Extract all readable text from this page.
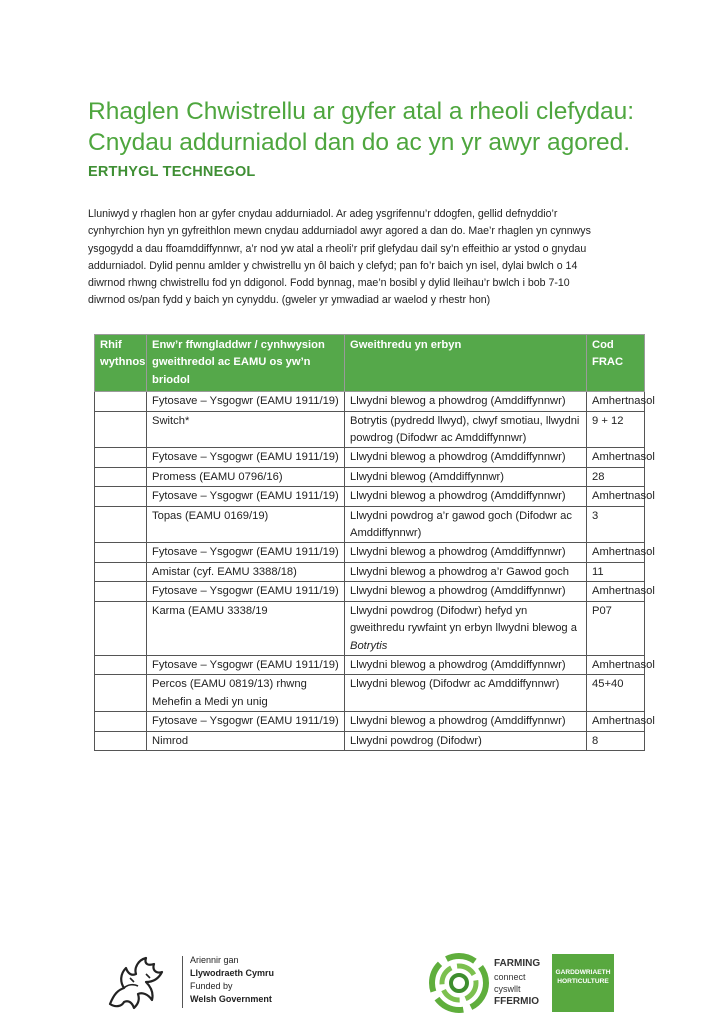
Rhaglen Chwistrellu ar gyfer atal a rheoli clefydau: Cnydau addurniadol dan do ac yn yr awyr agored.
ERTHYGL TECHNEGOL

Lluniwyd y rhaglen hon ar gyfer cnydau addurniadol. Ar adeg ysgrifennu’r ddogfen, gellid defnyddio’r cynhyrchion hyn yn gyfreithlon mewn cnydau addurniadol awyr agored a dan do. Mae’r rhaglen yn cynnwys ysgogydd a dau ffoamddiffynnwr, a’r nod yw atal a rheoli’r prif glefydau dail sy’n effeithio ar ystod o gnydau addurniadol. Dylid pennu amlder y chwistrellu yn ôl baich y clefyd; pan fo’r baich yn isel, dylai bwlch o 14 diwrnod rhwng chwistrellu fod yn ddigonol. Fodd bynnag, mae’n bosibl y dylid lleihau’r bwlch i bob 7-10 diwrnod os/pan fydd y baich yn cynyddu. (gweler yr ymwadiad ar waelod y rhestr hon)

Rhif wythnos	Enw’r ffwngladdwr / cynhwysion gweithredol ac EAMU os yw’n briodol	Gweithredu yn erbyn	Cod FRAC
	Fytosave – Ysgogwr (EAMU 1911/19)	Llwydni blewog a phowdrog (Amddiffynnwr)	Amhertnasol
	Switch*	Botrytis (pydredd llwyd), clwyf smotiau, llwydni powdrog (Difodwr ac Amddiffynnwr)	9 + 12
	Fytosave – Ysgogwr (EAMU 1911/19)	Llwydni blewog a phowdrog (Amddiffynnwr)	Amhertnasol
	Promess (EAMU 0796/16)	Llwydni blewog (Amddiffynnwr)	28
	Fytosave – Ysgogwr (EAMU 1911/19)	Llwydni blewog a phowdrog (Amddiffynnwr)	Amhertnasol
	Topas (EAMU 0169/19)	Llwydni powdrog a’r gawod goch (Difodwr ac Amddiffynnwr)	3
	Fytosave – Ysgogwr (EAMU 1911/19)	Llwydni blewog a phowdrog (Amddiffynnwr)	Amhertnasol
	Amistar (cyf. EAMU 3388/18)	Llwydni blewog a phowdrog a’r Gawod goch	11
	Fytosave – Ysgogwr (EAMU 1911/19)	Llwydni blewog a phowdrog (Amddiffynnwr)	Amhertnasol
	Karma (EAMU 3338/19	Llwydni powdrog (Difodwr) hefyd yn gweithredu rywfaint yn erbyn llwydni blewog a Botrytis	P07
	Fytosave – Ysgogwr (EAMU 1911/19)	Llwydni blewog a phowdrog (Amddiffynnwr)	Amhertnasol
	Percos (EAMU 0819/13) rhwng Mehefin a Medi yn unig	Llwydni blewog (Difodwr ac Amddiffynnwr)	45+40
	Fytosave – Ysgogwr (EAMU 1911/19)	Llwydni blewog a phowdrog (Amddiffynnwr)	Amhertnasol
	Nimrod	Llwydni powdrog (Difodwr)	8
Ariennir gan
Llywodraeth Cymru
Funded by
Welsh Government
FARMING
connect
cyswllt
FFERMIO
GARDDWRIAETH
HORTICULTURE
